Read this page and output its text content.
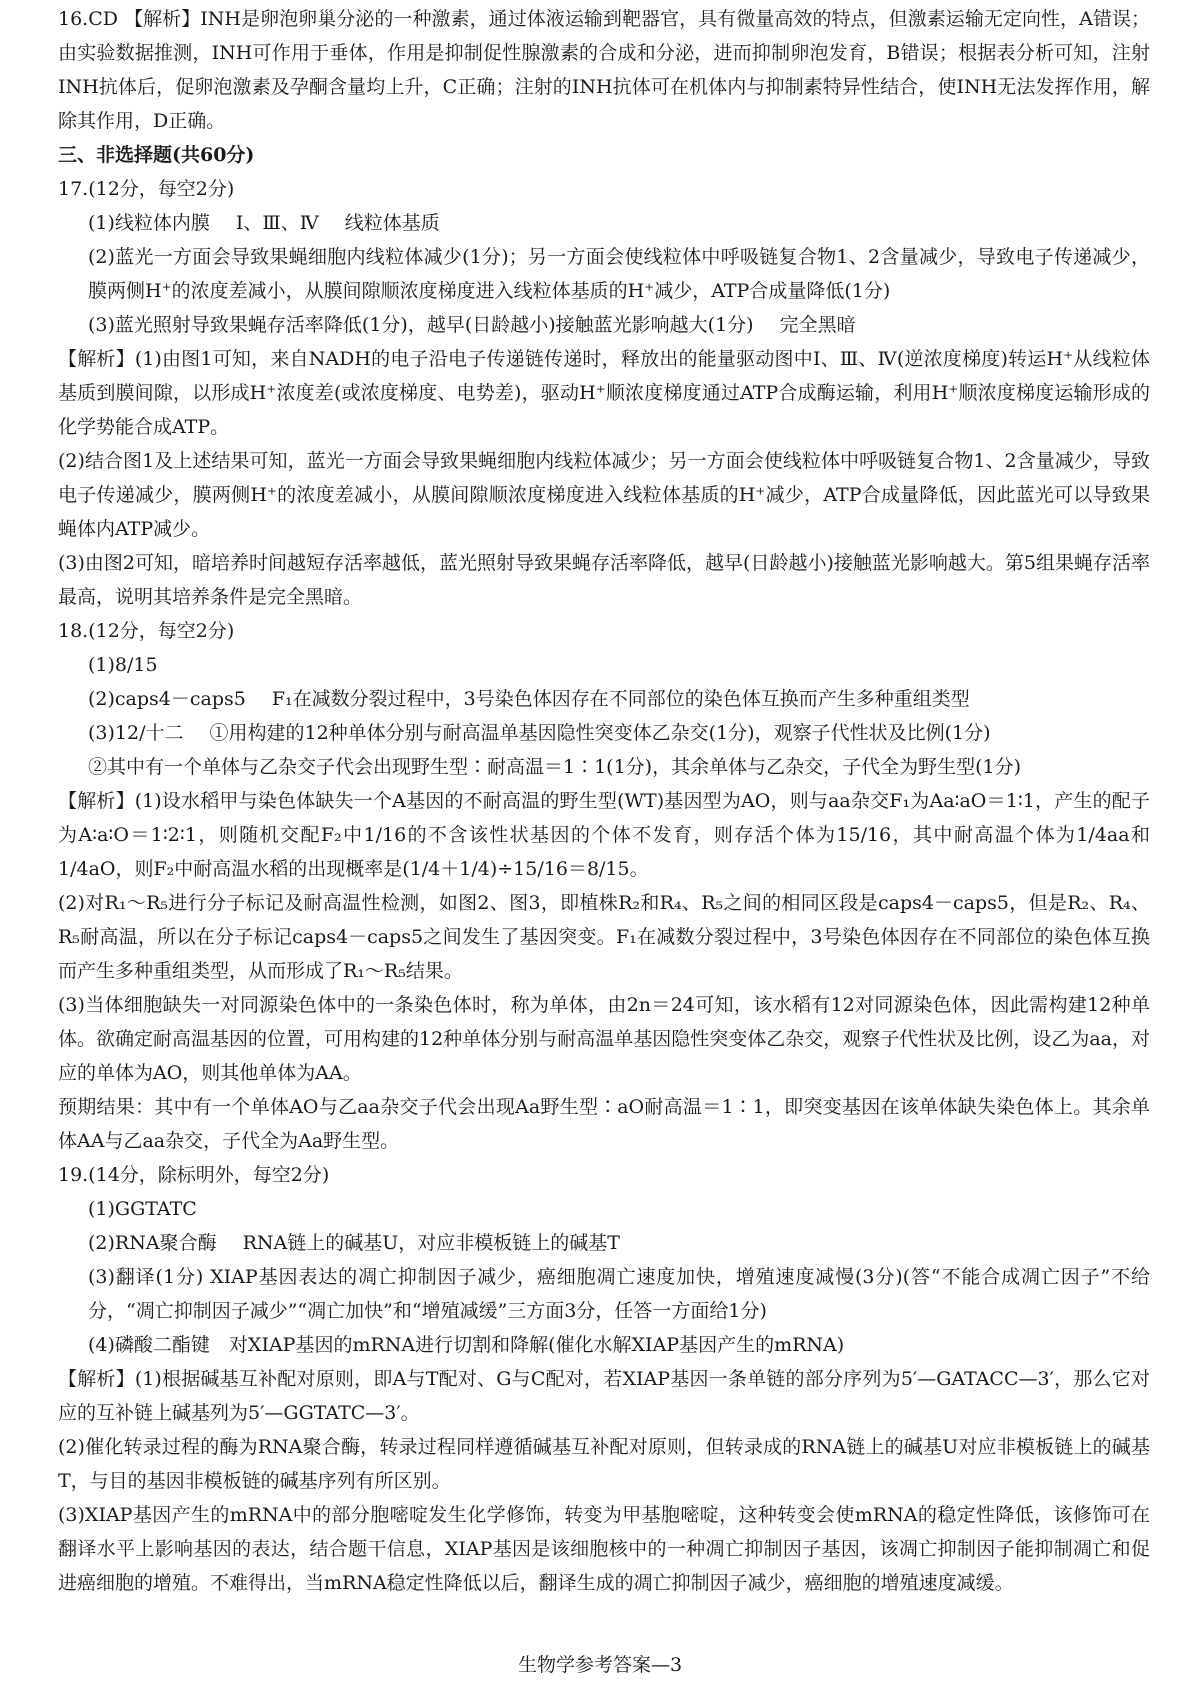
16.CD 【解析】INH是卵泡卵巢分泌的一种激素，通过体液运输到靶器官，具有微量高效的特点，但激素运输无定向性，A错误；由实验数据推测，INH可作用于垂体，作用是抑制促性腺激素的合成和分泌，进而抑制卵泡发育，B错误；根据表分析可知，注射INH抗体后，促卵泡激素及孕酮含量均上升，C正确；注射的INH抗体可在机体内与抑制素特异性结合，使INH无法发挥作用，解除其作用，D正确。

三、非选择题(共60分)

17.(12分，每空2分)

(1)线粒体内膜 Ⅰ、Ⅲ、Ⅳ 线粒体基质

(2)蓝光一方面会导致果蝇细胞内线粒体减少(1分)；另一方面会使线粒体中呼吸链复合物1、2含量减少，导致电子传递减少，膜两侧H⁺的浓度差减小，从膜间隙顺浓度梯度进入线粒体基质的H⁺减少，ATP合成量降低(1分)

(3)蓝光照射导致果蝇存活率降低(1分)，越早(日龄越小)接触蓝光影响越大(1分) 完全黑暗

【解析】(1)由图1可知，来自NADH的电子沿电子传递链传递时，释放出的能量驱动图中Ⅰ、Ⅲ、Ⅳ(逆浓度梯度)转运H⁺从线粒体基质到膜间隙，以形成H⁺浓度差(或浓度梯度、电势差)，驱动H⁺顺浓度梯度通过ATP合成酶运输，利用H⁺顺浓度梯度运输形成的化学势能合成ATP。

(2)结合图1及上述结果可知，蓝光一方面会导致果蝇细胞内线粒体减少；另一方面会使线粒体中呼吸链复合物1、2含量减少，导致电子传递减少，膜两侧H⁺的浓度差减小，从膜间隙顺浓度梯度进入线粒体基质的H⁺减少，ATP合成量降低，因此蓝光可以导致果蝇体内ATP减少。

(3)由图2可知，暗培养时间越短存活率越低，蓝光照射导致果蝇存活率降低，越早(日龄越小)接触蓝光影响越大。第5组果蝇存活率最高，说明其培养条件是完全黑暗。

18.(12分，每空2分)

(1)8/15

(2)caps4－caps5 F₁在减数分裂过程中，3号染色体因存在不同部位的染色体互换而产生多种重组类型

(3)12/十二 ①用构建的12种单体分别与耐高温单基因隐性突变体乙杂交(1分)，观察子代性状及比例(1分)

②其中有一个单体与乙杂交子代会出现野生型∶耐高温＝1∶1(1分)，其余单体与乙杂交，子代全为野生型(1分)

【解析】(1)设水稻甲与染色体缺失一个A基因的不耐高温的野生型(WT)基因型为AO，则与aa杂交F₁为Aa∶aO＝1∶1，产生的配子为A∶a∶O＝1∶2∶1，则随机交配F₂中1/16的不含该性状基因的个体不发育，则存活个体为15/16，其中耐高温个体为1/4aa和1/4aO，则F₂中耐高温水稻的出现概率是(1/4＋1/4)÷15/16＝8/15。

(2)对R₁～R₅进行分子标记及耐高温性检测，如图2、图3，即植株R₂和R₄、R₅之间的相同区段是caps4－caps5，但是R₂、R₄、R₅耐高温，所以在分子标记caps4－caps5之间发生了基因突变。F₁在减数分裂过程中，3号染色体因存在不同部位的染色体互换而产生多种重组类型，从而形成了R₁～R₅结果。

(3)当体细胞缺失一对同源染色体中的一条染色体时，称为单体，由2n＝24可知，该水稻有12对同源染色体，因此需构建12种单体。欲确定耐高温基因的位置，可用构建的12种单体分别与耐高温单基因隐性突变体乙杂交，观察子代性状及比例，设乙为aa，对应的单体为AO，则其他单体为AA。

预期结果：其中有一个单体AO与乙aa杂交子代会出现Aa野生型∶aO耐高温＝1∶1，即突变基因在该单体缺失染色体上。其余单体AA与乙aa杂交，子代全为Aa野生型。

19.(14分，除标明外，每空2分)

(1)GGTATC

(2)RNA聚合酶 RNA链上的碱基U，对应非模板链上的碱基T

(3)翻译(1分) XIAP基因表达的凋亡抑制因子减少，癌细胞凋亡速度加快，增殖速度减慢(3分)(答“不能合成凋亡因子”不给分，“凋亡抑制因子减少”“凋亡加快”和“增殖减缓”三方面3分，任答一方面给1分)

(4)磷酸二酯键　对XIAP基因的mRNA进行切割和降解(催化水解XIAP基因产生的mRNA)

【解析】(1)根据碱基互补配对原则，即A与T配对、G与C配对，若XIAP基因一条单链的部分序列为5′—GATACC—3′，那么它对应的互补链上碱基列为5′—GGTATC—3′。

(2)催化转录过程的酶为RNA聚合酶，转录过程同样遵循碱基互补配对原则，但转录成的RNA链上的碱基U对应非模板链上的碱基T，与目的基因非模板链的碱基序列有所区别。

(3)XIAP基因产生的mRNA中的部分胞嘧啶发生化学修饰，转变为甲基胞嘧啶，这种转变会使mRNA的稳定性降低，该修饰可在翻译水平上影响基因的表达，结合题干信息，XIAP基因是该细胞核中的一种凋亡抑制因子基因，该凋亡抑制因子能抑制凋亡和促进癌细胞的增殖。不难得出，当mRNA稳定性降低以后，翻译生成的凋亡抑制因子减少，癌细胞的增殖速度减缓。

生物学参考答案—3
